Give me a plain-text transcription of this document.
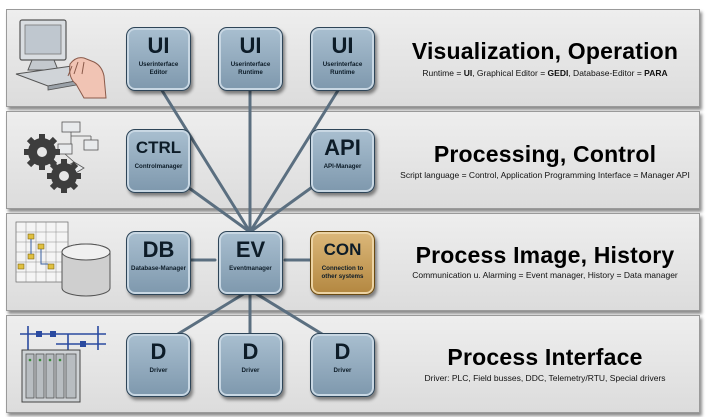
Visualization, Operation
Runtime = UI, Graphical Editor = GEDI, Database-Editor = PARA
Processing, Control
Script language = Control, Application Programming Interface = Manager API
Process Image, History
Communication u. Alarming = Event manager, History = Data manager
Process Interface
Driver: PLC, Field busses, DDC, Telemetry/RTU, Special drivers
UI
Userinterface Editor
UI
Userinterface Runtime
UI
Userinterface Runtime
CTRL
Controlmanager
API
API-Manager
DB
Database-Manager
EV
Eventmanager
CON
Connection to other systems
D
Driver
D
Driver
D
Driver
